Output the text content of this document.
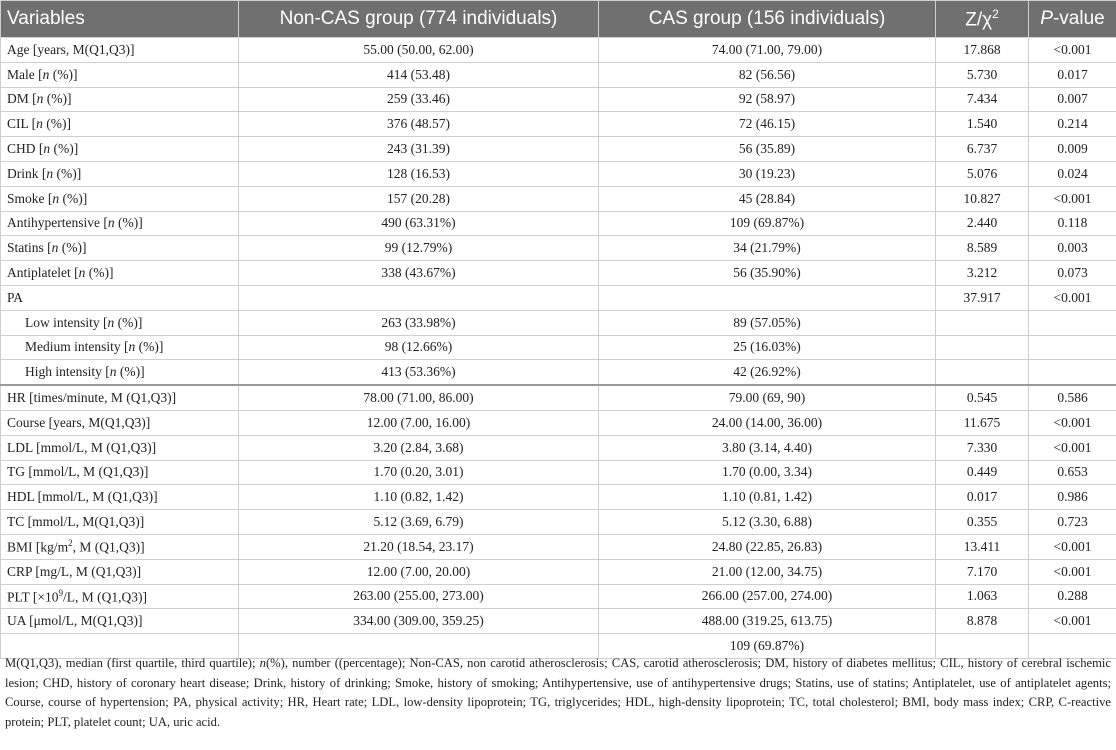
Variables	Non-CAS group (774 individuals)	CAS group (156 individuals)	$Z/\chi^2$	P-value
Age [years, M(Q1,Q3)]	55.00 (50.00, 62.00)	74.00 (71.00, 79.00)	17.868	<0.001
Male [n (%)]	414 (53.48)	82 (56.56)	5.730	0.017
DM [n (%)]	259 (33.46)	92 (58.97)	7.434	0.007
CIL [n (%)]	376 (48.57)	72 (46.15)	1.540	0.214
CHD [n (%)]	243 (31.39)	56 (35.89)	6.737	0.009
Drink [n (%)]	128 (16.53)	30 (19.23)	5.076	0.024
Smoke [n (%)]	157 (20.28)	45 (28.84)	10.827	<0.001
Antihypertensive [n (%)]	490 (63.31%)	109 (69.87%)	2.440	0.118
Statins [n (%)]	99 (12.79%)	34 (21.79%)	8.589	0.003
Antiplatelet [n (%)]	338 (43.67%)	56 (35.90%)	3.212	0.073
PA			37.917	<0.001
Low intensity [n (%)]	263 (33.98%)	89 (57.05%)		
Medium intensity [n (%)]	98 (12.66%)	25 (16.03%)		
High intensity [n (%)]	413 (53.36%)	42 (26.92%)		
HR [times/minute, M (Q1,Q3)]	78.00 (71.00, 86.00)	79.00 (69, 90)	0.545	0.586
Course [years, M(Q1,Q3)]	12.00 (7.00, 16.00)	24.00 (14.00, 36.00)	11.675	<0.001
LDL [mmol/L, M (Q1,Q3)]	3.20 (2.84, 3.68)	3.80 (3.14, 4.40)	7.330	<0.001
TG [mmol/L, M (Q1,Q3)]	1.70 (0.20, 3.01)	1.70 (0.00, 3.34)	0.449	0.653
HDL [mmol/L, M (Q1,Q3)]	1.10 (0.82, 1.42)	1.10 (0.81, 1.42)	0.017	0.986
TC [mmol/L, M(Q1,Q3)]	5.12 (3.69, 6.79)	5.12 (3.30, 6.88)	0.355	0.723
BMI [$kg/m^2$, M (Q1,Q3)]	21.20 (18.54, 23.17)	24.80 (22.85, 26.83)	13.411	<0.001
CRP [mg/L, M (Q1,Q3)]	12.00 (7.00, 20.00)	21.00 (12.00, 34.75)	7.170	<0.001
PLT [$\times 10^9/L$, M (Q1,Q3)]	263.00 (255.00, 273.00)	266.00 (257.00, 274.00)	1.063	0.288
UA [μmol/L, M(Q1,Q3)]	334.00 (309.00, 359.25)	488.00 (319.25, 613.75)	8.878	<0.001
		109 (69.87%)		
M(Q1,Q3), median (first quartile, third quartile); n(%), number ((percentage); Non-CAS, non carotid atherosclerosis; CAS, carotid atherosclerosis; DM, history of diabetes mellitus; CIL, history of cerebral ischemic lesion; CHD, history of coronary heart disease; Drink, history of drinking; Smoke, history of smoking; Antihypertensive, use of antihypertensive drugs; Statins, use of statins; Antiplatelet, use of antiplatelet agents; Course, course of hypertension; PA, physical activity; HR, Heart rate; LDL, low-density lipoprotein; TG, triglycerides; HDL, high-density lipoprotein; TC, total cholesterol; BMI, body mass index; CRP, C-reactive protein; PLT, platelet count; UA, uric acid.
